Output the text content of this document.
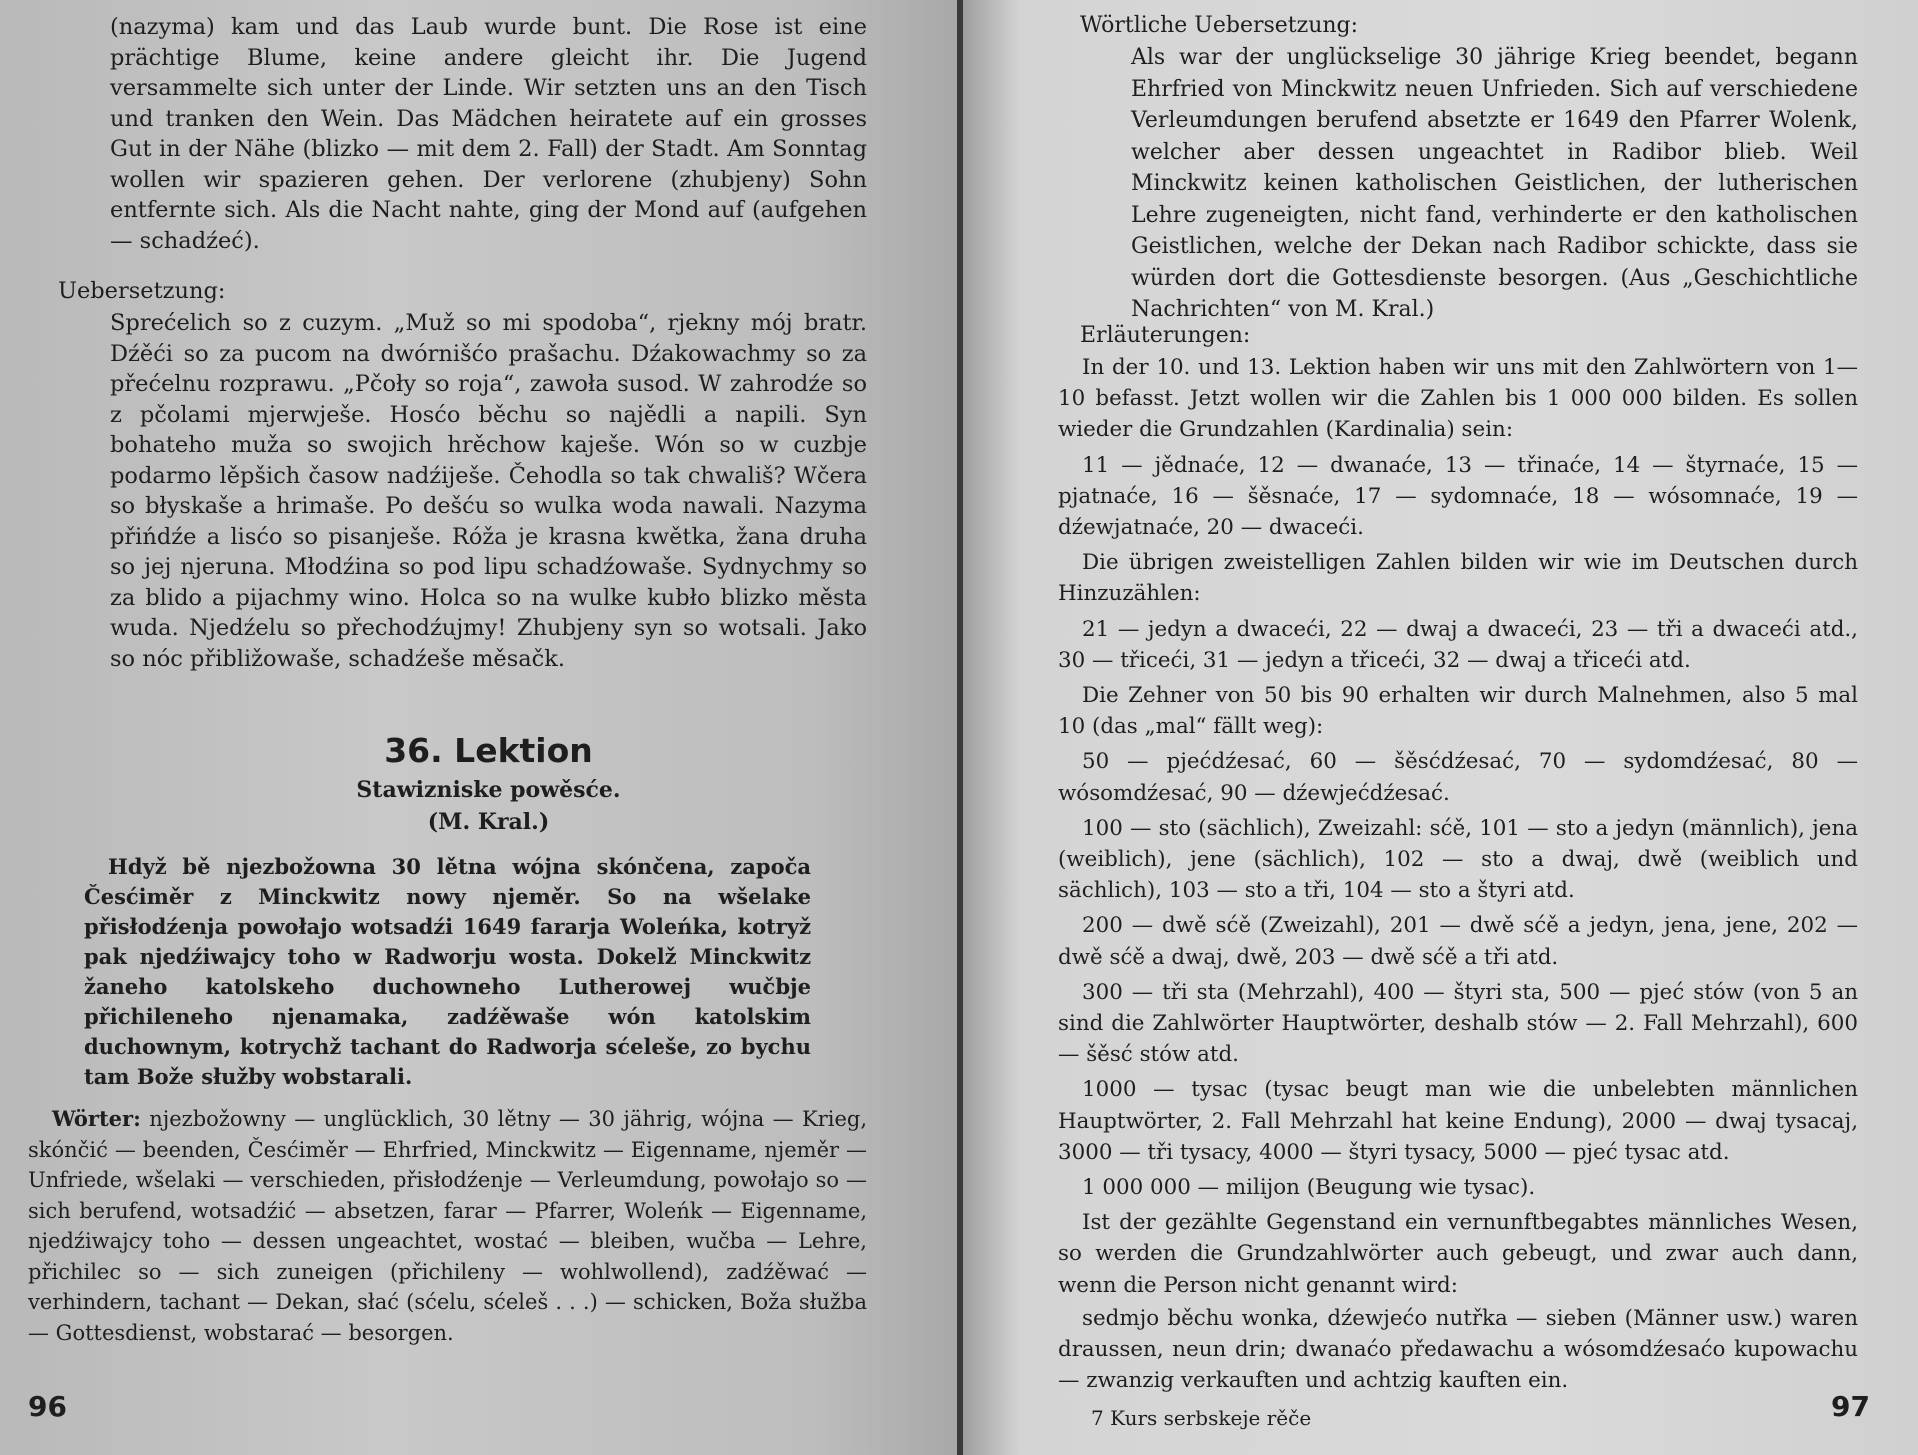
(nazyma) kam und das Laub wurde bunt. Die Rose ist eine prächtige Blume, keine andere gleicht ihr. Die Jugend versammelte sich unter der Linde. Wir setzten uns an den Tisch und tranken den Wein. Das Mädchen heiratete auf ein grosses Gut in der Nähe (blizko — mit dem 2. Fall) der Stadt. Am Sonntag wollen wir spazieren gehen. Der verlorene (zhubjeny) Sohn entfernte sich. Als die Nacht nahte, ging der Mond auf (aufgehen — schadźeć).

Uebersetzung:

Sprećelich so z cuzym. „Muž so mi spodoba“, rjekny mój bratr. Dźěći so za pucom na dwórnišćo prašachu. Dźakowachmy so za přećelnu rozprawu. „Pčoły so roja“, zawoła susod. W zahrodźe so z pčolami mjerwješe. Hosćo běchu so najědli a napili. Syn bohateho muža so swojich hrěchow kaješe. Wón so w cuzbje podarmo lěpšich časow nadźiješe. Čehodla so tak chwališ? Wčera so błyskaše a hrimaše. Po dešću so wulka woda nawali. Nazyma přińdźe a lisćo so pisanješe. Róža je krasna kwětka, žana druha so jej njeruna. Młodźina so pod lipu schadźowaše. Sydnychmy so za blido a pijachmy wino. Holca so na wulke kubło blizko města wuda. Njedźelu so přechodźujmy! Zhubjeny syn so wotsali. Jako so nóc přibližowaše, schadźeše měsačk.

36. Lektion

Stawizniske powěsće.

(M. Kral.)

Hdyž bě njezbožowna 30 lětna wójna skónčena, započa Česćiměr z Minckwitz nowy njeměr. So na wšelake přisłodźenja powołajo wotsadźi 1649 fararja Woleńka, kotryž pak njedźiwajcy toho w Radworju wosta. Dokelž Minckwitz žaneho katolskeho duchowneho Lutherowej wučbje přichileneho njenamaka, zadźěwaše wón katolskim duchownym, kotrychž tachant do Radworja sćeleše, zo bychu tam Bože słužby wobstarali.

Wörter: njezbožowny — unglücklich, 30 lětny — 30 jährig, wójna — Krieg, skónčić — beenden, Česćiměr — Ehrfried, Minckwitz — Eigenname, njeměr — Unfriede, wšelaki — verschieden, přisłodźenje — Verleumdung, powołajo so — sich berufend, wotsadźić — absetzen, farar — Pfarrer, Woleńk — Eigenname, njedźiwajcy toho — dessen ungeachtet, wostać — bleiben, wučba — Lehre, přichilec so — sich zuneigen (přichileny — wohlwollend), zadźěwać — verhindern, tachant — Dekan, słać (sćelu, sćeleš . . .) — schicken, Boža słužba — Gottesdienst, wobstarać — besorgen.

96

Wörtliche Uebersetzung:

Als war der unglückselige 30 jährige Krieg beendet, begann Ehrfried von Minckwitz neuen Unfrieden. Sich auf verschiedene Verleumdungen berufend absetzte er 1649 den Pfarrer Wolenk, welcher aber dessen ungeachtet in Radibor blieb. Weil Minckwitz keinen katholischen Geistlichen, der lutherischen Lehre zugeneigten, nicht fand, verhinderte er den katholischen Geistlichen, welche der Dekan nach Radibor schickte, dass sie würden dort die Gottesdienste besorgen. (Aus „Geschichtliche Nachrichten“ von M. Kral.)

Erläuterungen:

In der 10. und 13. Lektion haben wir uns mit den Zahlwörtern von 1—10 befasst. Jetzt wollen wir die Zahlen bis 1 000 000 bilden. Es sollen wieder die Grundzahlen (Kardinalia) sein:

11 — jědnaće, 12 — dwanaće, 13 — třinaće, 14 — štyrnaće, 15 — pjatnaće, 16 — šěsnaće, 17 — sydomnaće, 18 — wósomnaće, 19 — dźewjatnaće, 20 — dwaceći.

Die übrigen zweistelligen Zahlen bilden wir wie im Deutschen durch Hinzuzählen:

21 — jedyn a dwaceći, 22 — dwaj a dwaceći, 23 — tři a dwaceći atd., 30 — třiceći, 31 — jedyn a třiceći, 32 — dwaj a třiceći atd.

Die Zehner von 50 bis 90 erhalten wir durch Malnehmen, also 5 mal 10 (das „mal“ fällt weg):

50 — pjećdźesać, 60 — šěsćdźesać, 70 — sydomdźesać, 80 — wósomdźesać, 90 — dźewjećdźesać.

100 — sto (sächlich), Zweizahl: sćě, 101 — sto a jedyn (männlich), jena (weiblich), jene (sächlich), 102 — sto a dwaj, dwě (weiblich und sächlich), 103 — sto a tři, 104 — sto a štyri atd.

200 — dwě sćě (Zweizahl), 201 — dwě sćě a jedyn, jena, jene, 202 — dwě sćě a dwaj, dwě, 203 — dwě sćě a tři atd.

300 — tři sta (Mehrzahl), 400 — štyri sta, 500 — pjeć stów (von 5 an sind die Zahlwörter Hauptwörter, deshalb stów — 2. Fall Mehrzahl), 600 — šěsć stów atd.

1000 — tysac (tysac beugt man wie die unbelebten männlichen Hauptwörter, 2. Fall Mehrzahl hat keine Endung), 2000 — dwaj tysacaj, 3000 — tři tysacy, 4000 — štyri tysacy, 5000 — pjeć tysac atd.

1 000 000 — milijon (Beugung wie tysac).

Ist der gezählte Gegenstand ein vernunftbegabtes männliches Wesen, so werden die Grundzahlwörter auch gebeugt, und zwar auch dann, wenn die Person nicht genannt wird:

sedmjo běchu wonka, dźewjećo nutřka — sieben (Männer usw.) waren draussen, neun drin; dwanaćo předawachu a wósomdźesaćo kupowachu — zwanzig verkauften und achtzig kauften ein.

7 Kurs serbskeje rěče	97
